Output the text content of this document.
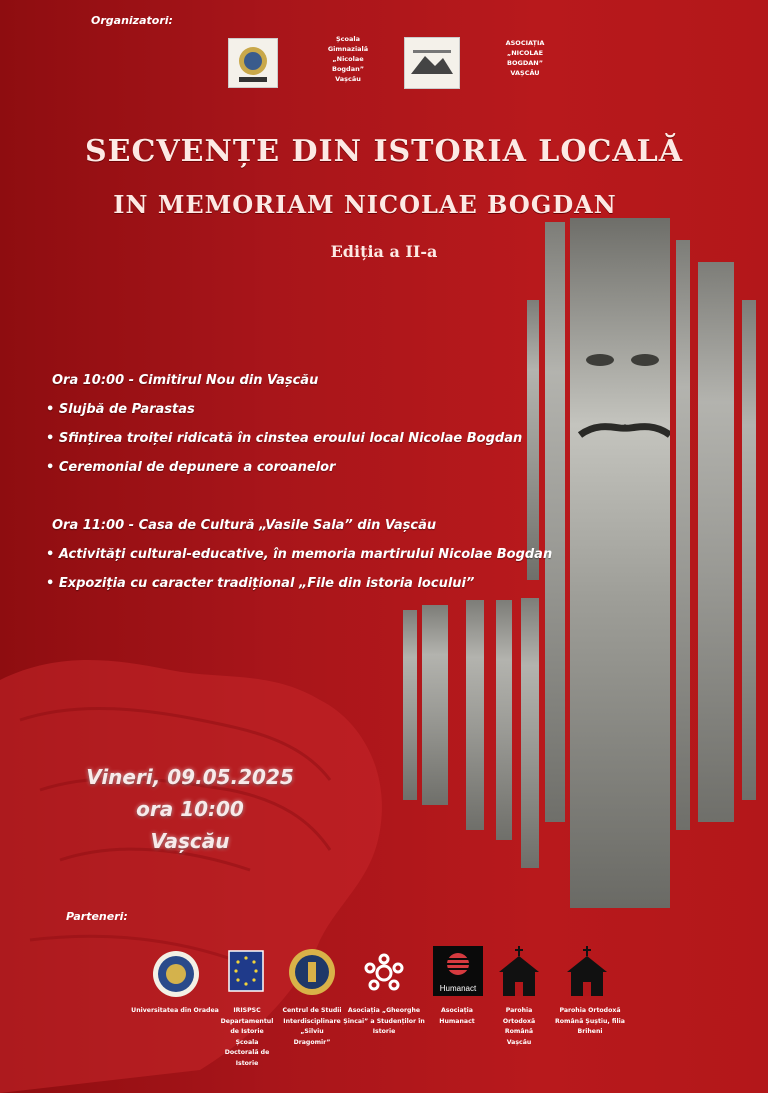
Organizatori:
Școala Gimnazială „Nicolae Bogdan” Vașcău
ASOCIAȚIA „NICOLAE BOGDAN” VAȘCĂU
SECVENȚE DIN ISTORIA LOCALĂ
IN MEMORIAM NICOLAE BOGDAN
Ediția a II-a
Ora 10:00 - Cimitirul Nou din Vașcău
• Slujbă de Parastas
• Sfințirea troiței ridicată în cinstea eroului local Nicolae Bogdan
• Ceremonial de depunere a coroanelor
Ora 11:00 - Casa de Cultură „Vasile Sala” din Vașcău
• Activități cultural-educative, în memoria martirului Nicolae Bogdan
• Expoziția cu caracter tradițional „File din istoria locului”
Vineri, 09.05.2025
ora 10:00
Vașcău
Parteneri:
Humanact
Universitatea din Oradea	IRISPSC Departamentul de Istorie Școala Doctorală de Istorie
Centrul de Studii Interdisciplinare „Silviu Dragomir”
Asociația „Gheorghe Șincai” a Studenților în Istorie
Asociația Humanact
Parohia Ortodoxă Română Vașcău
Parohia Ortodoxă Română Șuștiu, filia Briheni
